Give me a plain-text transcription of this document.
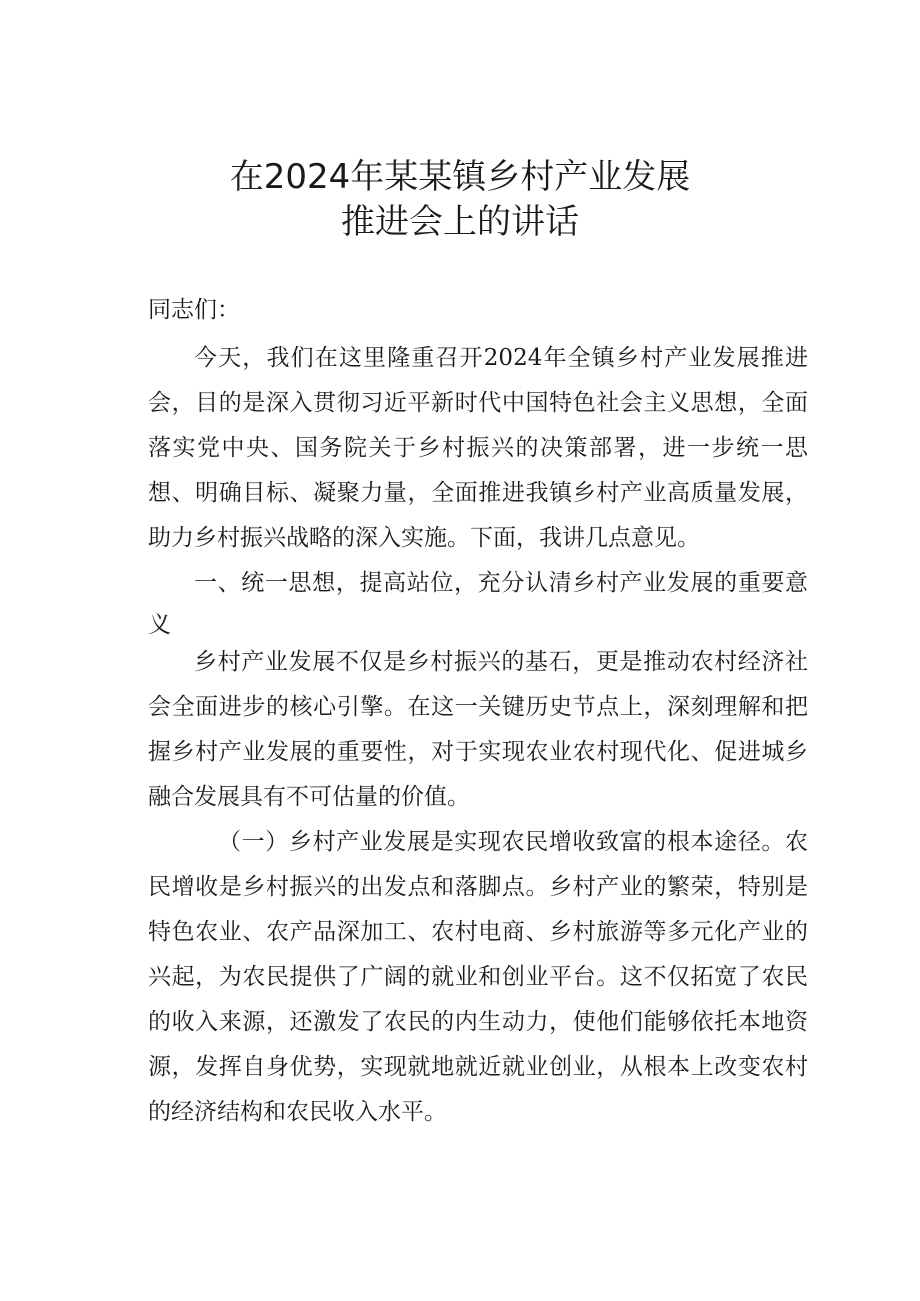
在2024年某某镇乡村产业发展
推进会上的讲话

同志们：

今天，我们在这里隆重召开2024年全镇乡村产业发展推进会，目的是深入贯彻习近平新时代中国特色社会主义思想，全面落实党中央、国务院关于乡村振兴的决策部署，进一步统一思想、明确目标、凝聚力量，全面推进我镇乡村产业高质量发展，助力乡村振兴战略的深入实施。下面，我讲几点意见。

一、统一思想，提高站位，充分认清乡村产业发展的重要意义

乡村产业发展不仅是乡村振兴的基石，更是推动农村经济社会全面进步的核心引擎。在这一关键历史节点上，深刻理解和把握乡村产业发展的重要性，对于实现农业农村现代化、促进城乡融合发展具有不可估量的价值。

（一）乡村产业发展是实现农民增收致富的根本途径。农民增收是乡村振兴的出发点和落脚点。乡村产业的繁荣，特别是特色农业、农产品深加工、农村电商、乡村旅游等多元化产业的兴起，为农民提供了广阔的就业和创业平台。这不仅拓宽了农民的收入来源，还激发了农民的内生动力，使他们能够依托本地资源，发挥自身优势，实现就地就近就业创业，从根本上改变农村的经济结构和农民收入水平。
